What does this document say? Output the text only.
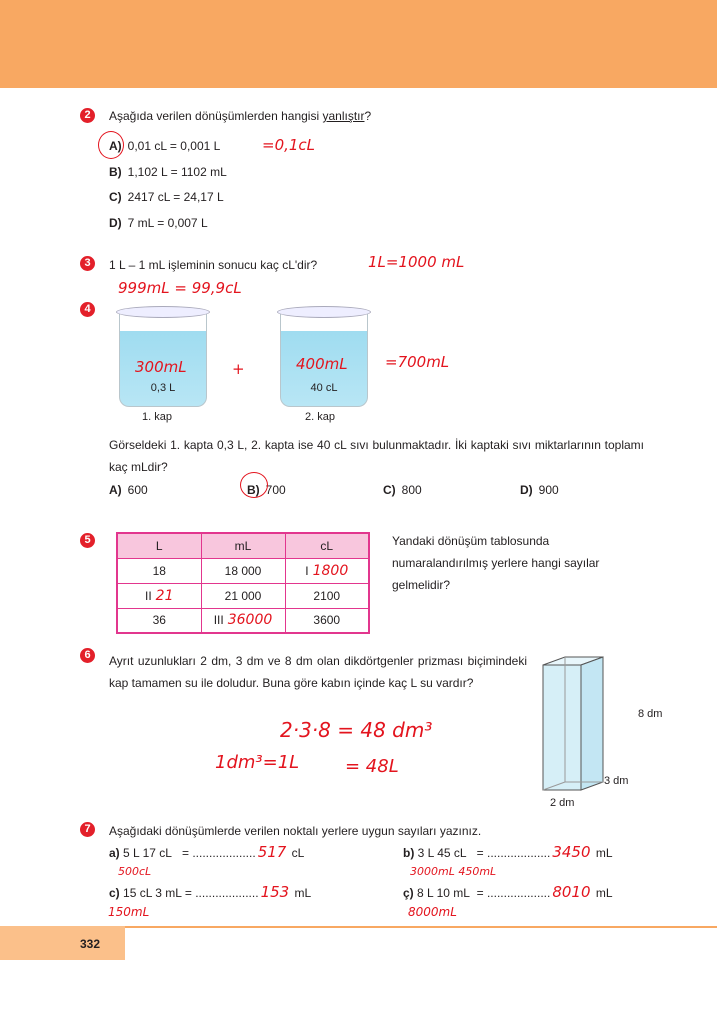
2	Aşağıda verilen dönüşümlerden hangisi yanlıştır?
A) 0,01 cL = 0,001 L	=0,1cL
B) 1,102 L = 1102 mL
C) 2417 cL = 24,17 L
D) 7 mL = 0,007 L
3	1 L – 1 mL işleminin sonucu kaç cL'dir?	1L=1000 mL
999mL = 99,9cL
4
0,3 L
300mL
1. kap
+
40 cL
400mL
2. kap
=700mL
Görseldeki 1. kapta 0,3 L, 2. kapta ise 40 cL sıvı bulunmaktadır. İki kaptaki sıvı miktarlarının toplamı kaç mLdir?
A) 600	B) 700	C) 800	D) 900
5	L	mL	cL
18	18 000	I 1800
II 21	21 000	2100
36	III 36000	3600
Yandaki dönüşüm tablosunda numaralandırılmış yerlere hangi sayılar gelmelidir?
6	Ayrıt uzunlukları 2 dm, 3 dm ve 8 dm olan dikdörtgenler prizması biçimindeki kap tamamen su ile doludur. Buna göre kabın içinde kaç L su vardır?
8 dm
3 dm
2 dm
2·3·8 = 48 dm³
1dm³=1L	= 48L
7	Aşağıdaki dönüşümlerde verilen noktalı yerlere uygun sayıları yazınız.
a) 5 L 17 cL = ................... 517 cL	b) 3 L 45 cL = ................... 3450 mL
500cL	3000mL 450mL
c) 15 cL 3 mL = ................... 153 mL	ç) 8 L 10 mL = ................... 8010 mL
150mL	8000mL
332
